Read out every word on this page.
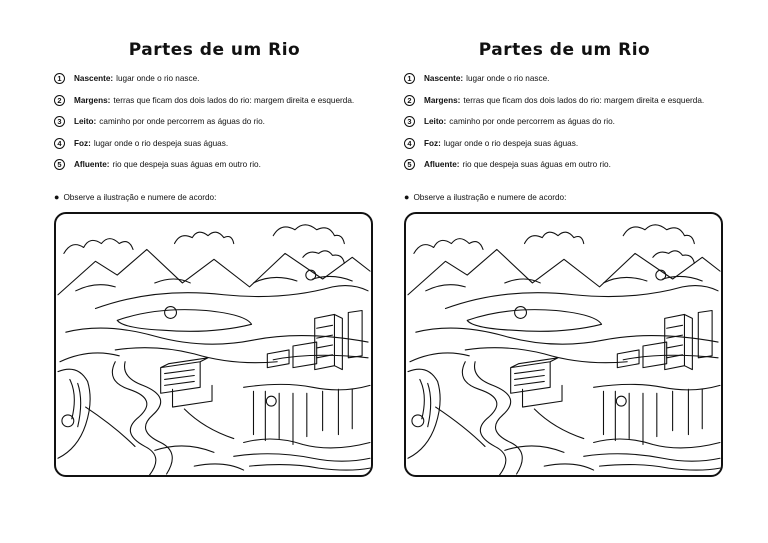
Partes de um Rio
1	Nascente: lugar onde o rio nasce.
2	Margens: terras que ficam dos dois lados do rio: margem direita e esquerda.
3	Leito: caminho por onde percorrem as águas do rio.
4	Foz: lugar onde o rio despeja suas águas.
5	Afluente: rio que despeja suas águas em outro rio.
● Observe a ilustração e numere de acordo:
Partes de um Rio
1	Nascente: lugar onde o rio nasce.
2	Margens: terras que ficam dos dois lados do rio: margem direita e esquerda.
3	Leito: caminho por onde percorrem as águas do rio.
4	Foz: lugar onde o rio despeja suas águas.
5	Afluente: rio que despeja suas águas em outro rio.
● Observe a ilustração e numere de acordo:
